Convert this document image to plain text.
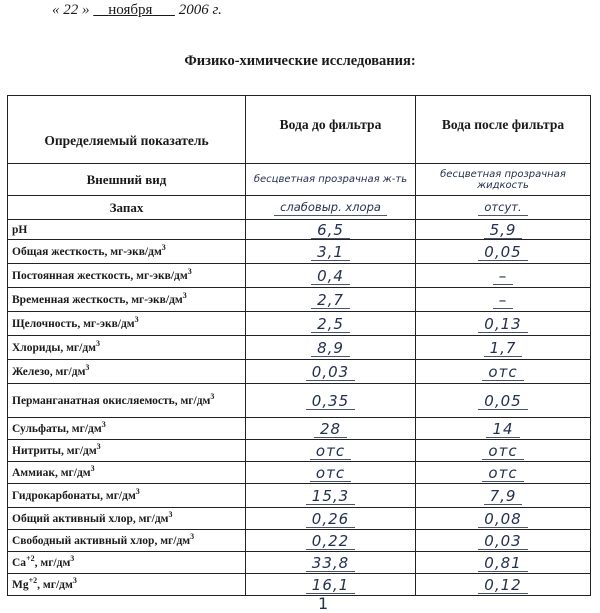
« 22 » ноября 2006 г.
Физико-химические исследования:
Определяемый показатель	Вода до фильтра	Вода после фильтра
Внешний вид	бесцветная прозрачная ж-ть	бесцветная прозрачная жидкость
Запах	слабовыр. хлора	отсут.
pH	6,5	5,9
Общая жесткость, $мг-экв/дм^3$	3,1	0,05
Постоянная жесткость, $мг-экв/дм^3$	0,4	–
Временная жесткость, $мг-экв/дм^3$	2,7	–
Щелочность, $мг-экв/дм^3$	2,5	0,13
Хлориды, $мг/дм^3$	8,9	1,7
Железо, $мг/дм^3$	0,03	отс
Перманганатная окисляемость, $мг/дм^3$	0,35	0,05
Сульфаты, $мг/дм^3$	28	14
Нитриты, $мг/дм^3$	отс	отс
Аммиак, $мг/дм^3$	отс	отс
Гидрокарбонаты, $мг/дм^3$	15,3	7,9
Общий активный хлор, $мг/дм^3$	0,26	0,08
Свободный активный хлор, $мг/дм^3$	0,22	0,03
$Ca^{+2}$, $мг/дм^3$	33,8	0,81
$Mg^{+2}$, $мг/дм^3$	16,1	0,12
1
